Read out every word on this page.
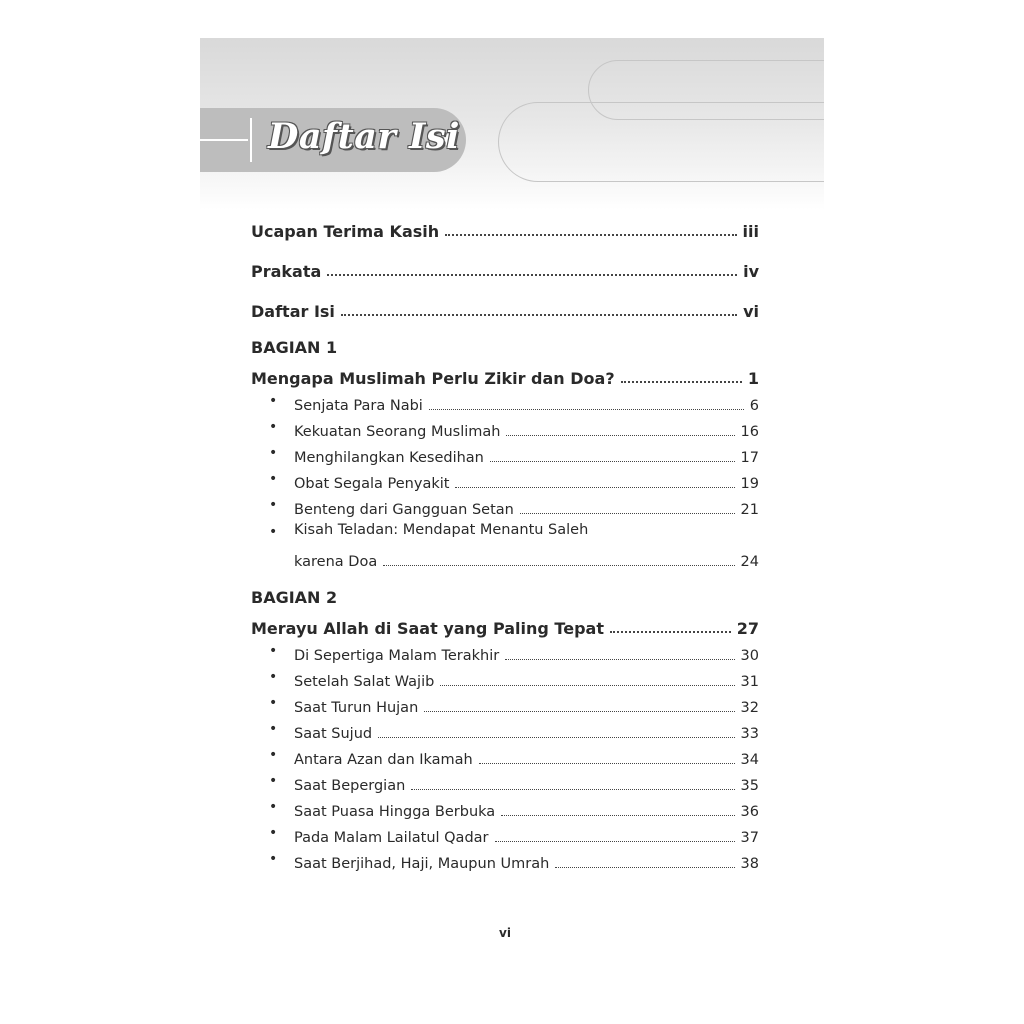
Daftar Isi
Ucapan Terima Kasih	iii
Prakata	iv
Daftar Isi	vi
BAGIAN 1
Mengapa Muslimah Perlu Zikir dan Doa?	1
• Senjata Para Nabi	6
• Kekuatan Seorang Muslimah	16
• Menghilangkan Kesedihan	17
• Obat Segala Penyakit	19
• Benteng dari Gangguan Setan	21
• Kisah Teladan: Mendapat Menantu Saleh
karena Doa	24
BAGIAN 2
Merayu Allah di Saat yang Paling Tepat	27
• Di Sepertiga Malam Terakhir	30
• Setelah Salat Wajib	31
• Saat Turun Hujan	32
• Saat Sujud	33
• Antara Azan dan Ikamah	34
• Saat Bepergian	35
• Saat Puasa Hingga Berbuka	36
• Pada Malam Lailatul Qadar	37
• Saat Berjihad, Haji, Maupun Umrah	38
vi
